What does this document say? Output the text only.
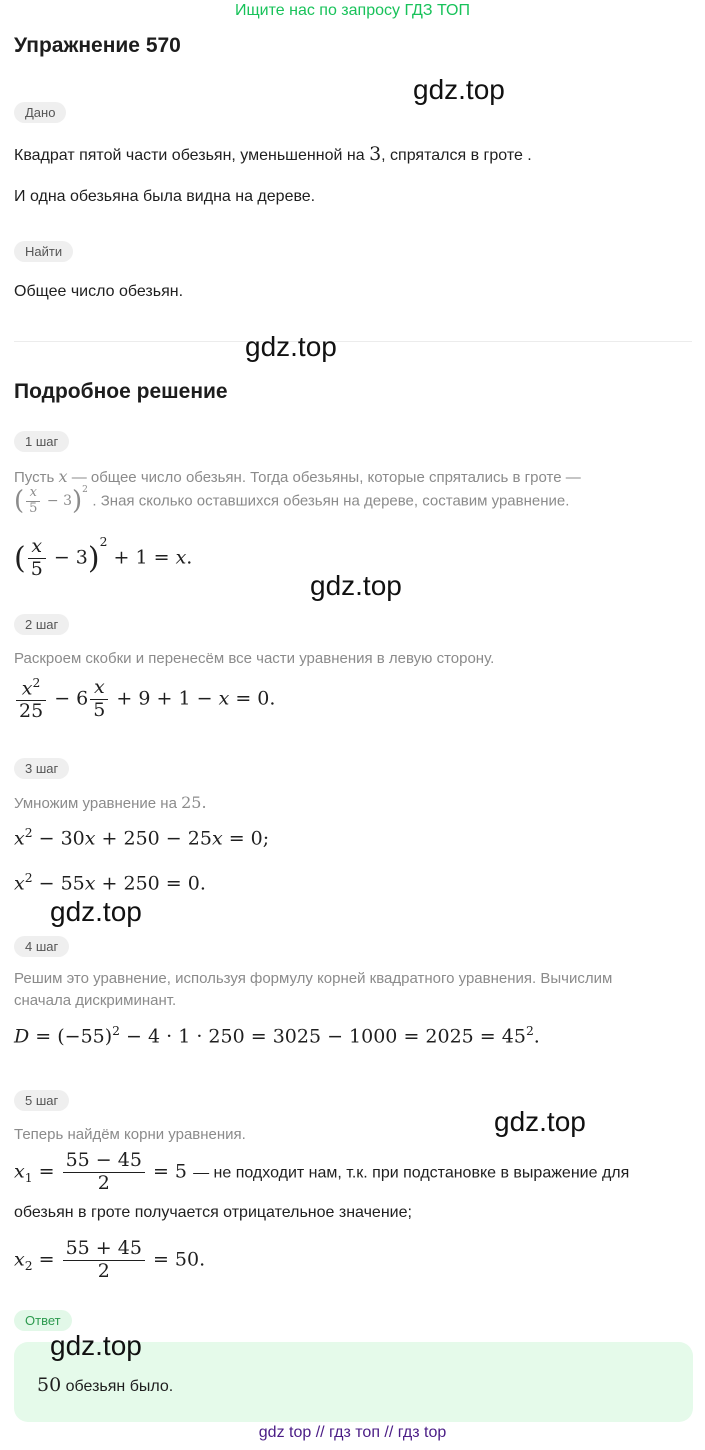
Ищите нас по запросу ГДЗ ТОП
Упражнение 570
gdz.top
Дано
Квадрат пятой части обезьян, уменьшенной на 3, спрятался в гроте .
И одна обезьяна была видна на дереве.
Найти
Общее число обезьян.
gdz.top
Подробное решение
1 шаг
Пусть x — общее число обезьян. Тогда обезьяны, которые спрятались в гроте —
( $\frac{x}{5} - 3)^2$ . Зная сколько оставшихся обезьян на дереве, составим уравнение.
( $\frac{x}{5} - 3)^2 + 1 = x$.
gdz.top
2 шаг
Раскроем скобки и перенесём все части уравнения в левую сторону.
$\frac{x^2}{25} - 6 \frac{x}{5} + 9 + 1 - x = 0$.
3 шаг
Умножим уравнение на 25.
$x^2 - 30x + 250 - 25x = 0$;
$x^2 - 55x + 250 = 0$.
gdz.top
4 шаг
Решим это уравнение, используя формулу корней квадратного уравнения. Вычислим
сначала дискриминант.
$D = (-55)^2 - 4 \cdot 1 \cdot 250 = 3025 - 1000 = 2025 = 45^2$.
5 шаг
gdz.top
Теперь найдём корни уравнения.
$x_1 = \frac{55 - 45}{2} = 5$ — не подходит нам, т.к. при подстановке в выражение для
обезьян в гроте получается отрицательное значение;
$x_2 = \frac{55 + 45}{2} = 50$.
Ответ
gdz.top
50 обезьян было.
gdz top // гдз топ // гдз top
